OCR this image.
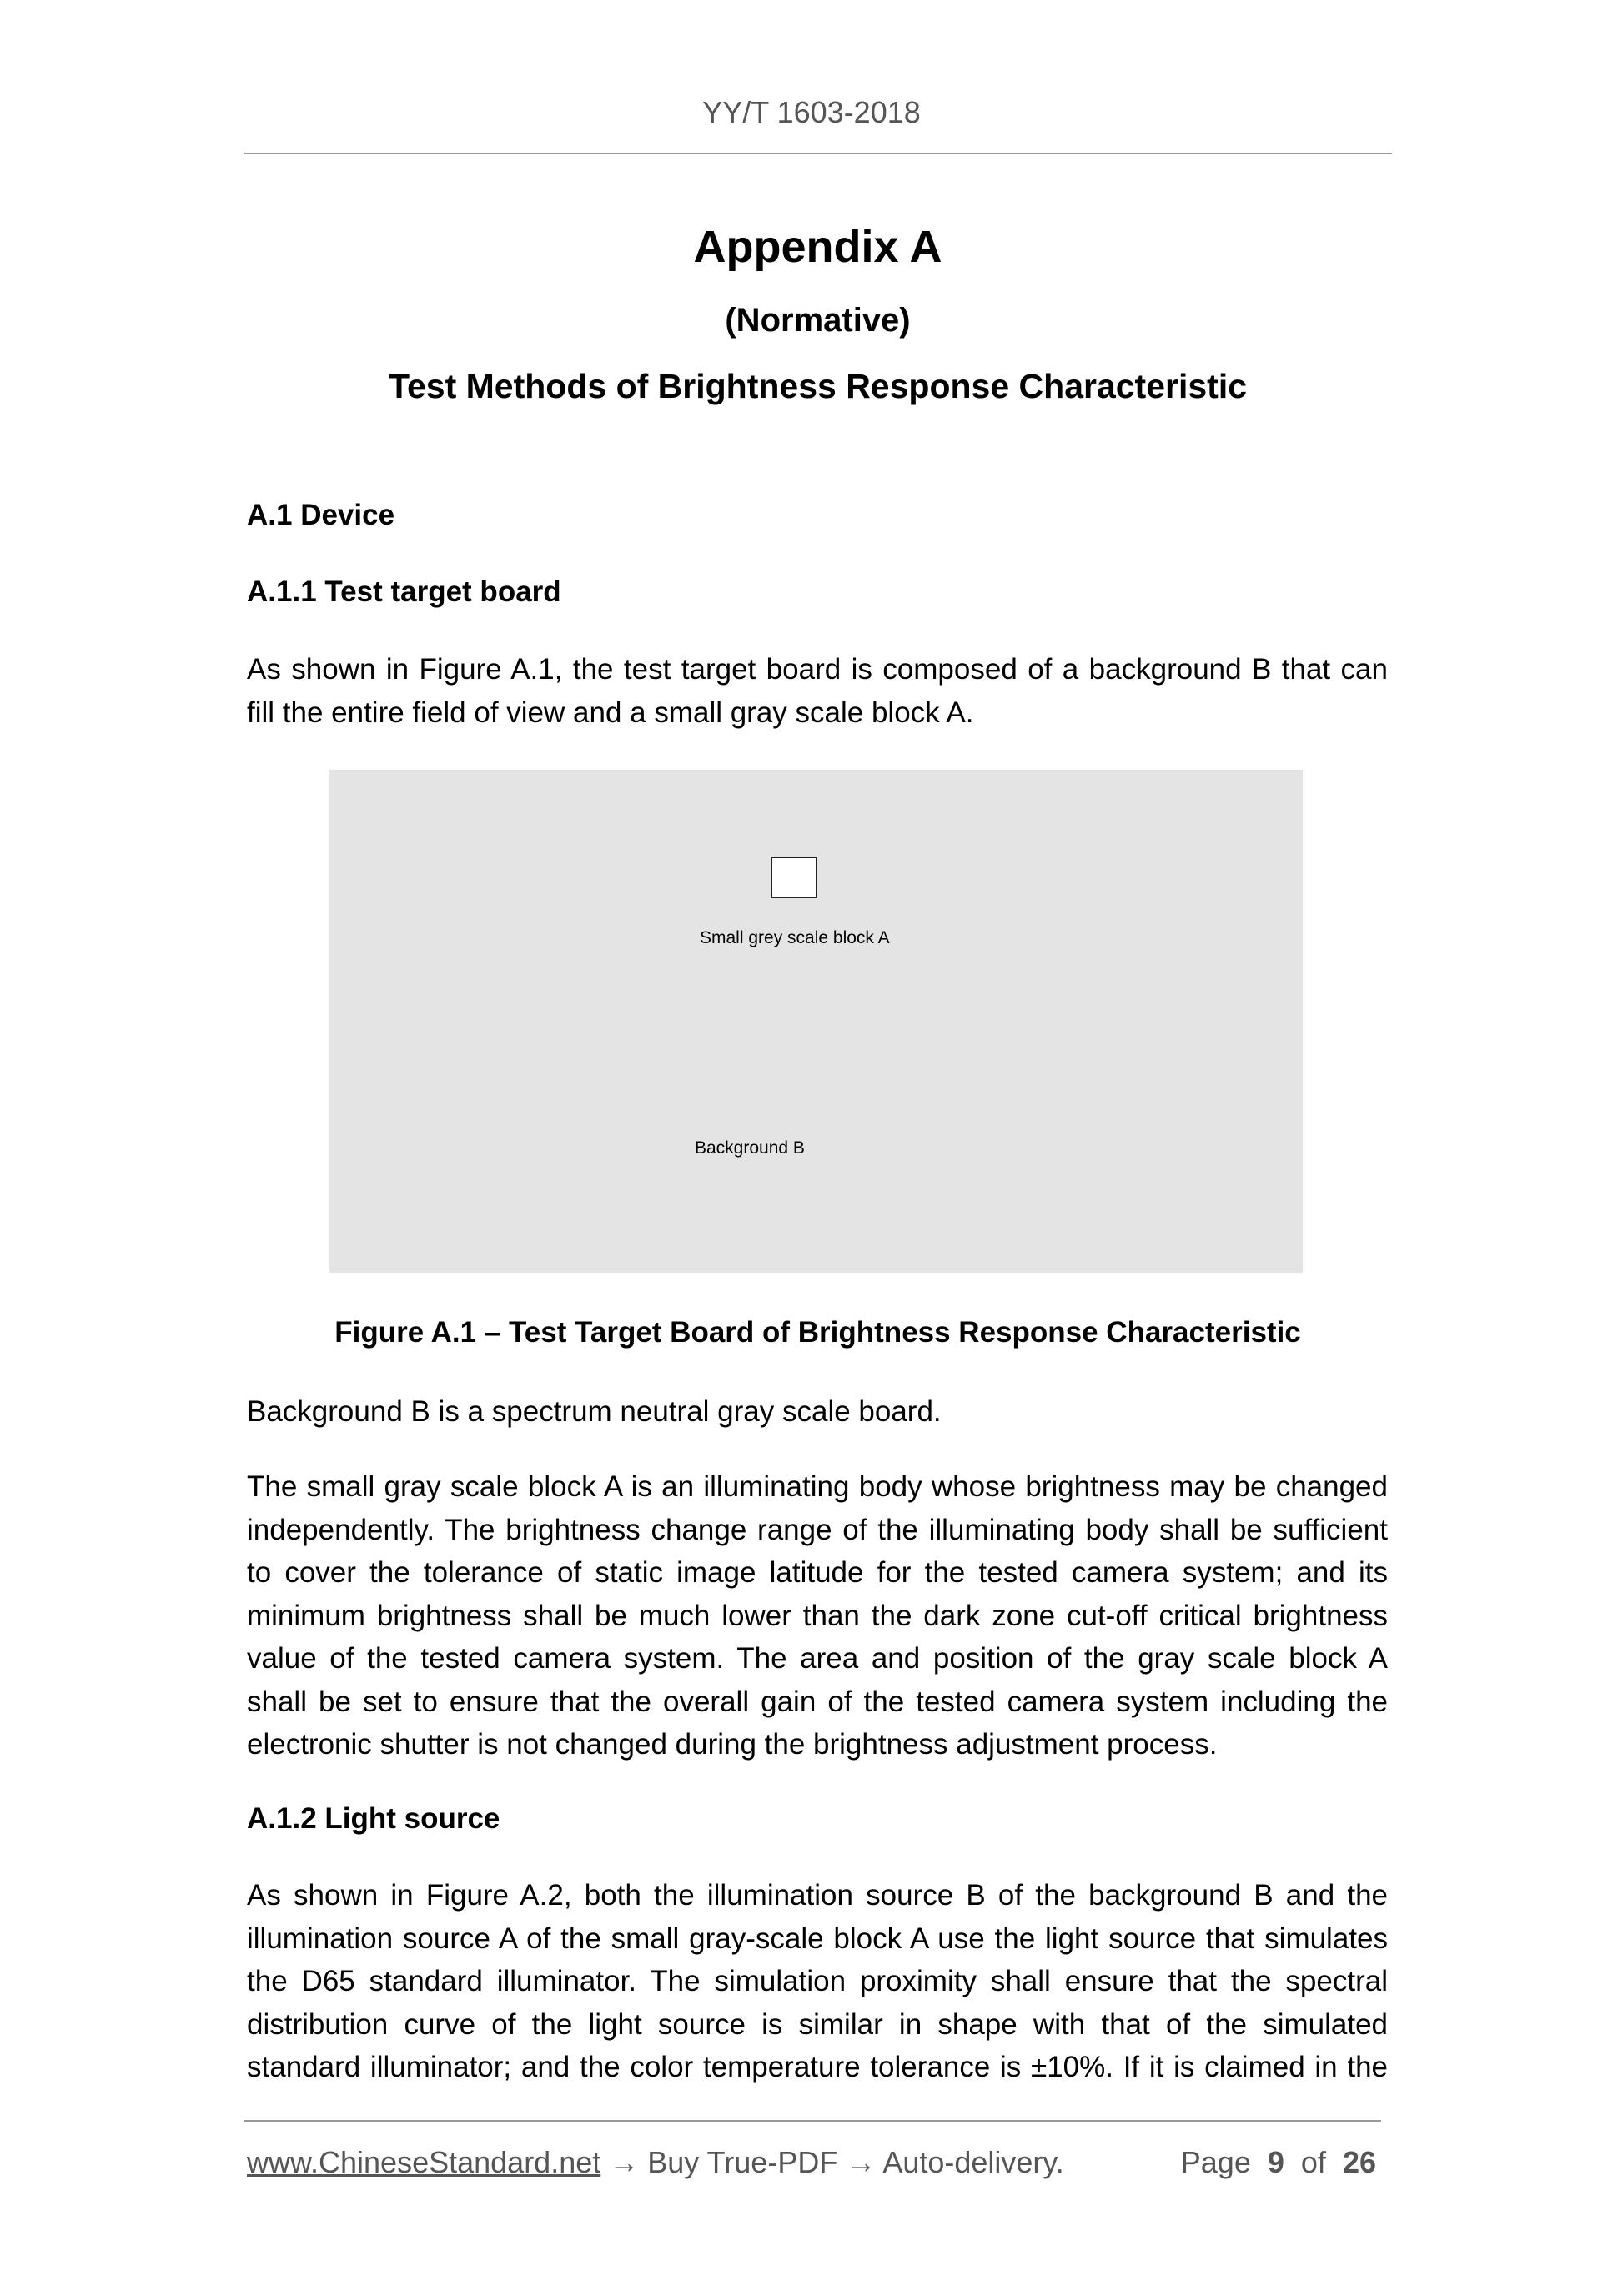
YY/T 1603-2018
Appendix A
(Normative)
Test Methods of Brightness Response Characteristic
A.1 Device
A.1.1 Test target board
As shown in Figure A.1, the test target board is composed of a background B that can
fill the entire field of view and a small gray scale block A.
Small grey scale block A
Background B
Figure A.1 – Test Target Board of Brightness Response Characteristic
Background B is a spectrum neutral gray scale board.
The small gray scale block A is an illuminating body whose brightness may be changed
independently. The brightness change range of the illuminating body shall be sufficient
to cover the tolerance of static image latitude for the tested camera system; and its
minimum brightness shall be much lower than the dark zone cut-off critical brightness
value of the tested camera system. The area and position of the gray scale block A
shall be set to ensure that the overall gain of the tested camera system including the
electronic shutter is not changed during the brightness adjustment process.
A.1.2 Light source
As shown in Figure A.2, both the illumination source B of the background B and the
illumination source A of the small gray-scale block A use the light source that simulates
the D65 standard illuminator. The simulation proximity shall ensure that the spectral
distribution curve of the light source is similar in shape with that of the simulated
standard illuminator; and the color temperature tolerance is ±10%. If it is claimed in the
www.ChineseStandard.net → Buy True-PDF → Auto-delivery.	Page 9 of 26
